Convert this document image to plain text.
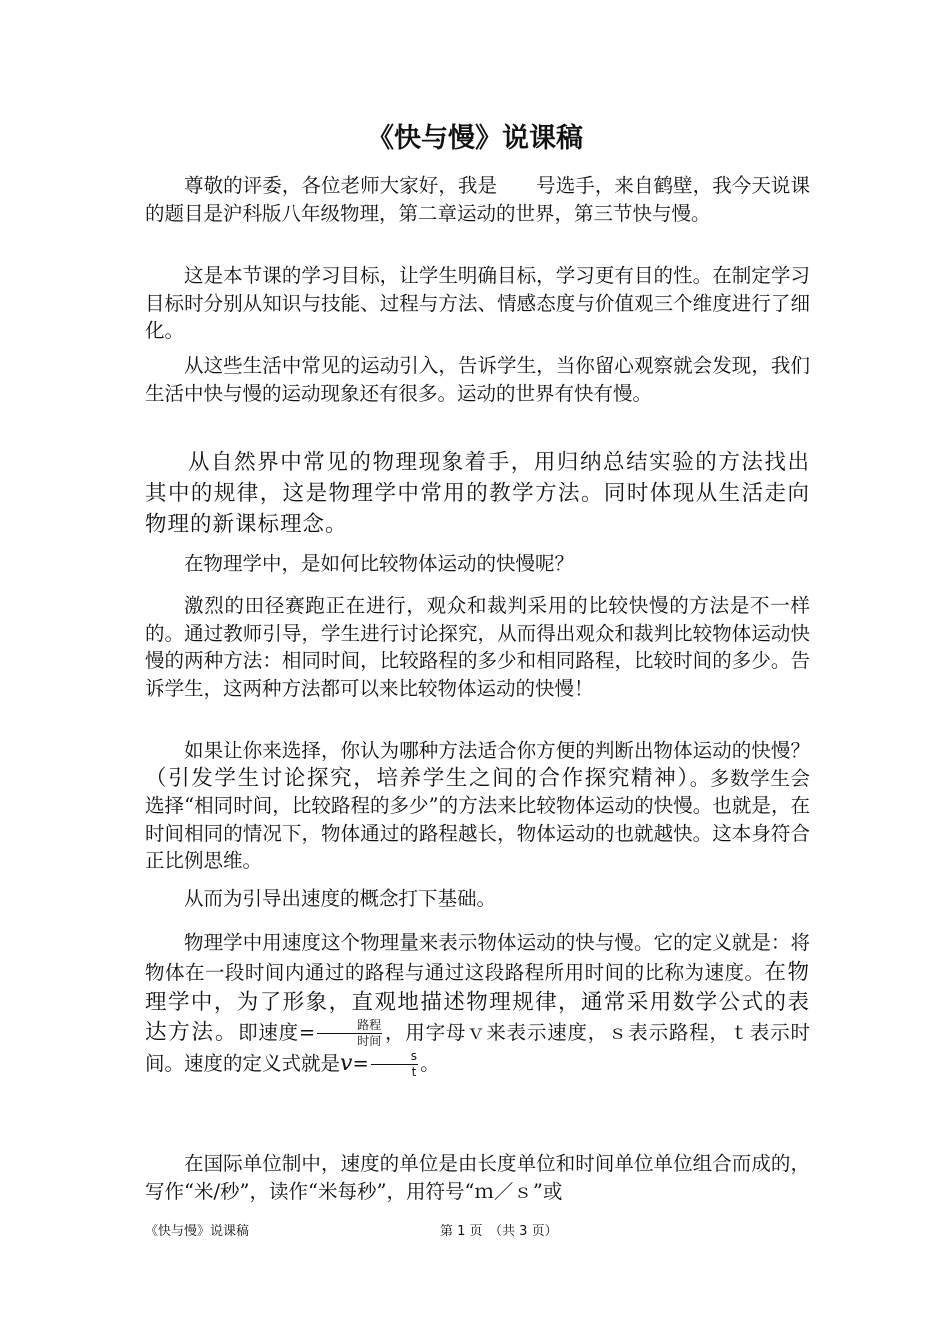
《快与慢》说课稿

尊敬的评委，各位老师大家好，我是　　号选手，来自鹤壁，我今天说课的题目是沪科版八年级物理，第二章运动的世界，第三节快与慢。

这是本节课的学习目标，让学生明确目标，学习更有目的性。在制定学习目标时分别从知识与技能、过程与方法、情感态度与价值观三个维度进行了细化。

从这些生活中常见的运动引入，告诉学生，当你留心观察就会发现，我们生活中快与慢的运动现象还有很多。运动的世界有快有慢。

从自然界中常见的物理现象着手，用归纳总结实验的方法找出其中的规律，这是物理学中常用的教学方法。同时体现从生活走向物理的新课标理念。

在物理学中，是如何比较物体运动的快慢呢？

激烈的田径赛跑正在进行，观众和裁判采用的比较快慢的方法是不一样的。通过教师引导，学生进行讨论探究，从而得出观众和裁判比较物体运动快慢的两种方法：相同时间，比较路程的多少和相同路程，比较时间的多少。告诉学生，这两种方法都可以来比较物体运动的快慢！

如果让你来选择，你认为哪种方法适合你方便的判断出物体运动的快慢？（引发学生讨论探究，培养学生之间的合作探究精神）。多数学生会选择“相同时间，比较路程的多少”的方法来比较物体运动的快慢。也就是，在时间相同的情况下，物体通过的路程越长，物体运动的也就越快。这本身符合正比例思维。

从而为引导出速度的概念打下基础。

物理学中用速度这个物理量来表示物体运动的快与慢。它的定义就是：将物体在一段时间内通过的路程与通过这段路程所用时间的比称为速度。在物理学中，为了形象，直观地描述物理规律，通常采用数学公式的表达方法。即速度= $\frac{\text{路程}}{\text{时间}}$ ，用字母ｖ来表示速度，ｓ表示路程，ｔ表示时间。速度的定义式就是$v= \frac{s}{t}$ 。

在国际单位制中，速度的单位是由长度单位和时间单位单位组合而成的，写作“米/秒”，读作“米每秒”，用符号“ｍ／ｓ”或

《快与慢》说课稿	第 1 页　（共 3 页）
